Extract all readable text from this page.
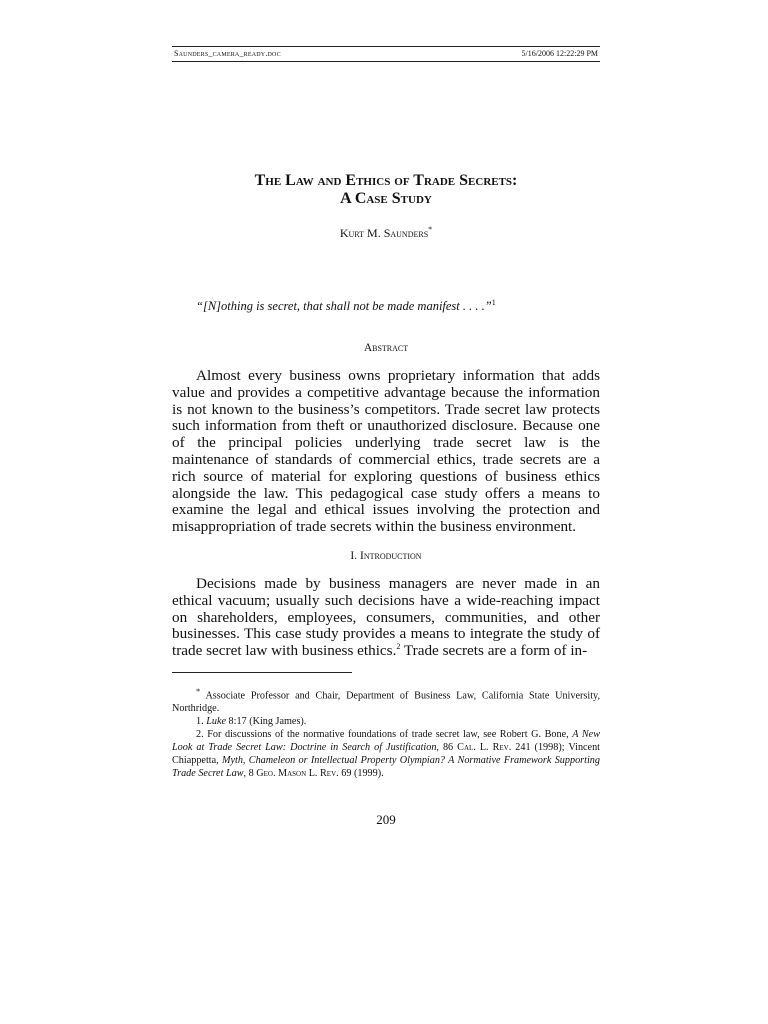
Saunders_camera_ready.doc	5/16/2006 12:22:29 PM
The Law and Ethics of Trade Secrets:
A Case Study
Kurt M. Saunders*
“[N]othing is secret, that shall not be made manifest . . . .”$^1$
Abstract

Almost every business owns proprietary information that adds value and provides a competitive advantage because the information is not known to the business’s competitors. Trade secret law protects such information from theft or unauthorized disclosure. Because one of the principal policies underlying trade secret law is the maintenance of standards of commercial ethics, trade secrets are a rich source of material for exploring questions of business ethics alongside the law. This pedagogical case study offers a means to examine the legal and ethical issues involving the protection and misappropriation of trade secrets within the business environment.

I. Introduction

Decisions made by business managers are never made in an ethical vacuum; usually such decisions have a wide-reaching impact on shareholders, employees, consumers, communities, and other businesses. This case study provides a means to integrate the study of trade secret law with business ethics.$^2$ Trade secrets are a form of in-

* Associate Professor and Chair, Department of Business Law, California State University, Northridge.

1. Luke 8:17 (King James).

2. For discussions of the normative foundations of trade secret law, see Robert G. Bone, A New Look at Trade Secret Law: Doctrine in Search of Justification, 86 Cal. L. Rev. 241 (1998); Vincent Chiappetta, Myth, Chameleon or Intellectual Property Olympian? A Normative Framework Supporting Trade Secret Law, 8 Geo. Mason L. Rev. 69 (1999).

209
